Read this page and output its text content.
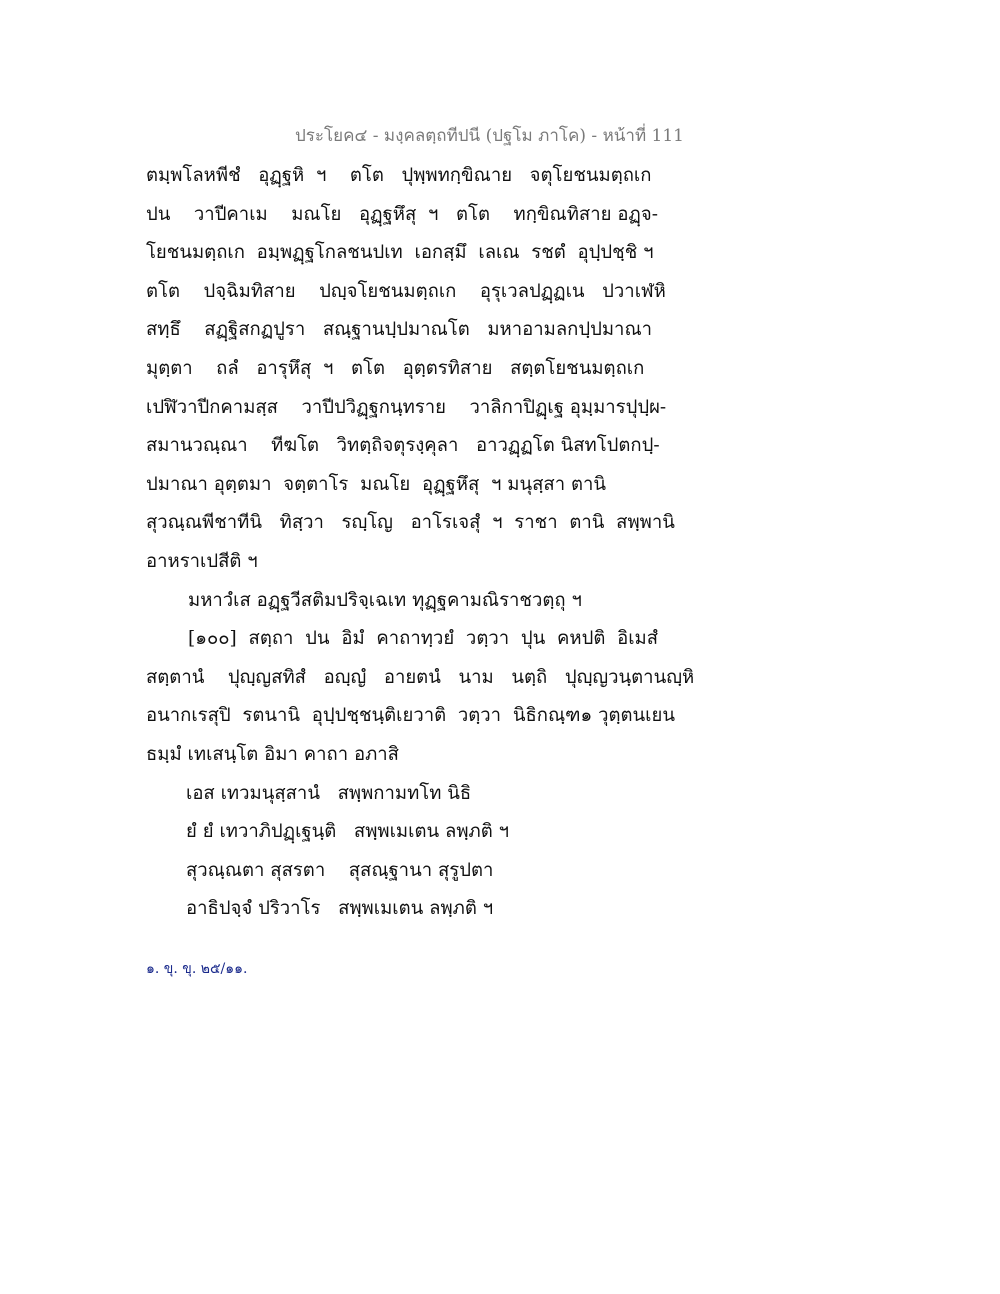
ประโยค๔ - มงฺคลตฺถทีปนี (ปฐโม ภาโค) - หน้าที่ 111
ตมฺพโลหพีชํ   อุฏฺฐหิ  ฯ    ตโต   ปุพฺพทกฺขิณาย   จตุโยชนมตฺถเก
ปน    วาปีคาเม    มณโย   อุฏฺฐหึสุ  ฯ   ตโต    ทกฺขิณทิสาย อฏฺจ-
โยชนมตฺถเก  อมฺพฏฺฐโกลชนปเท  เอกสฺมึ  เลเณ  รชตํ  อุปฺปชฺชิ ฯ
ตโต    ปจฺฉิมทิสาย    ปญฺจโยชนมตฺถเก    อุรุเวลปฏฺฏเน   ปวาเฬหิ
สทฺธึ    สฏฺฐิสกฏปูรา   สณฺฐานปฺปมาณโต   มหาอามลกปฺปมาณา
มุตฺตา    ถลํ   อารุหึสุ  ฯ   ตโต   อุตฺตรทิสาย   สตฺตโยชนมตฺถเก
เปฬิวาปีกคามสฺส    วาปีปวิฏฺฐกนฺทราย    วาลิกาปิฏฺเฐ อุมฺมารปุปฺผ-
สมานวณฺณา    ทีฆโต   วิทตฺถิจตุรงฺคุลา   อาวฏฺฏโต นิสทโปตกปฺ-
ปมาณา อุตฺตมา  จตฺตาโร  มณโย  อุฏฺฐหึสุ  ฯ มนุสฺสา ตานิ
สุวณฺณพีชาทีนิ   ทิสฺวา   รญฺโญ   อาโรเจสุํ  ฯ  ราชา  ตานิ  สพฺพานิ
อาหราเปสีติ ฯ
มหาวํเส อฏฺฐวีสติมปริจฺเฉเท ทุฏฺฐคามณิราชวตฺถุ ฯ
[๑๐๐]  สตฺถา  ปน  อิมํ  คาถาทฺวยํ  วตฺวา  ปุน  คหปติ  อิเมสํ
สตฺตานํ    ปุญฺญสทิสํ   อญฺญํ   อายตนํ   นาม   นตฺถิ   ปุญฺญวนฺตานญฺหิ
อนากเรสุปิ  รตนานิ  อุปฺปชฺชนฺติเยวาติ  วตฺวา  นิธิกณฺฑ๑ วุตฺตนเยน
ธมฺมํ เทเสนฺโต อิมา คาถา อภาสิ
เอส เทวมนุสฺสานํ   สพฺพกามทโท นิธิ
ยํ ยํ เทวาภิปฏฺเฐนฺติ   สพฺพเมเตน ลพฺภติ ฯ
สุวณฺณตา สุสรตา    สุสณฺฐานา สุรูปตา
อาธิปจฺจํ ปริวาโร   สพฺพเมเตน ลพฺภติ ฯ
๑. ขุ. ขุ. ๒๕/๑๑.
